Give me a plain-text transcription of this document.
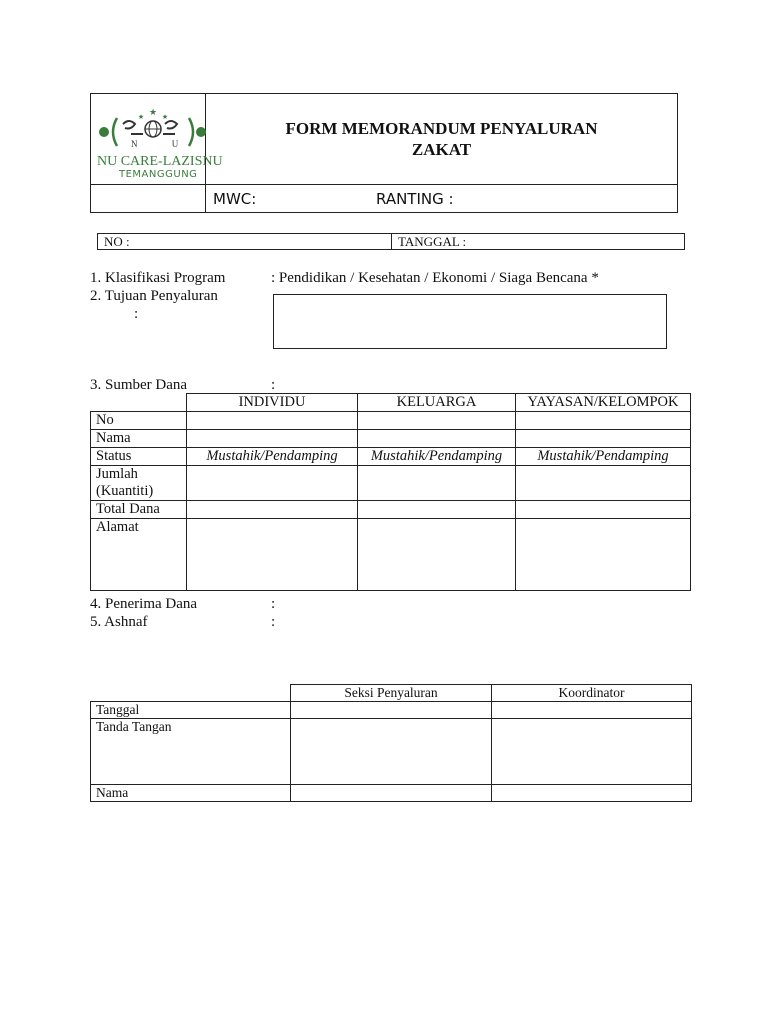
★
★	★
N U
NU CARE-LAZISNU
TEMANGGUNG
FORM MEMORANDUM PENYALURAN
ZAKAT
MWC:	RANTING :
NO :	TANGGAL :
1. Klasifikasi Program	: Pendidikan / Kesehatan / Ekonomi / Siaga Bencana *
2. Tujuan Penyaluran
:
3. Sumber Dana	:
	INDIVIDU	KELUARGA	YAYASAN/KELOMPOK
No			
Nama			
Status	Mustahik/Pendamping	Mustahik/Pendamping	Mustahik/Pendamping

Jumlah
(Kuantiti)			

Total Dana			
Alamat			
4. Penerima Dana	:
5. Ashnaf	:
	Seksi Penyaluran	Koordinator
Tanggal		
Tanda Tangan		
Nama		
